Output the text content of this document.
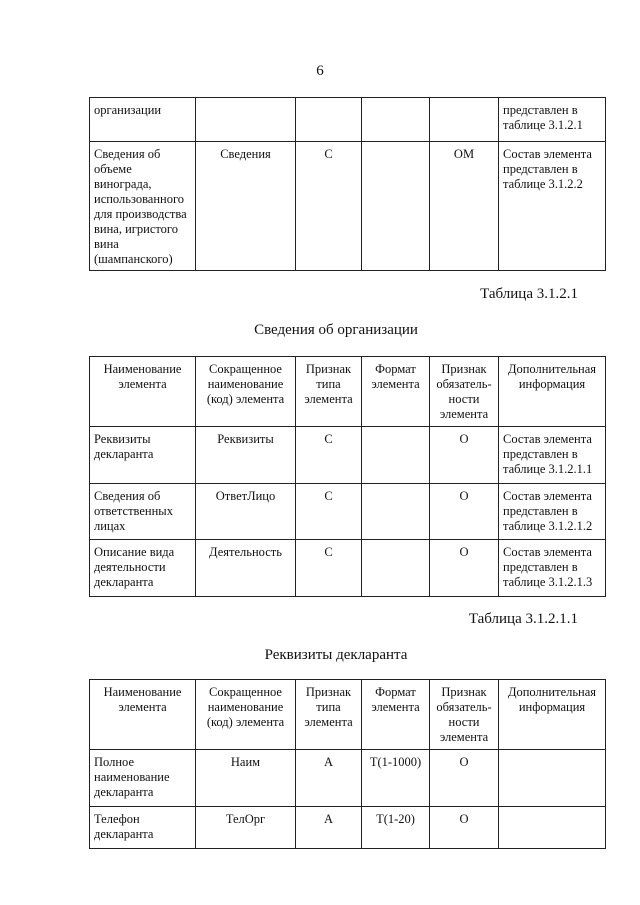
6
организации					представлен в таблице 3.1.2.1
Сведения об объеме винограда, использованного для производства вина, игристого вина (шампанского)	Сведения	С		ОМ	Состав элемента представлен в таблице 3.1.2.2
Таблица 3.1.2.1
Сведения об организации
Наименование элемента	Сокращенное наименование (код) элемента	Признак типа элемента	Формат элемента	Признак обязатель-ности элемента	Дополнительная информация
Реквизиты декларанта	Реквизиты	С		О	Состав элемента представлен в таблице 3.1.2.1.1
Сведения об ответственных лицах	ОтветЛицо	С		О	Состав элемента представлен в таблице 3.1.2.1.2
Описание вида деятельности декларанта	Деятельность	С		О	Состав элемента представлен в таблице 3.1.2.1.3
Таблица 3.1.2.1.1
Реквизиты декларанта
Наименование элемента	Сокращенное наименование (код) элемента	Признак типа элемента	Формат элемента	Признак обязатель-ности элемента	Дополнительная информация
Полное наименование декларанта	Наим	А	Т(1-1000)	О	
Телефон декларанта	ТелОрг	А	Т(1-20)	О	
